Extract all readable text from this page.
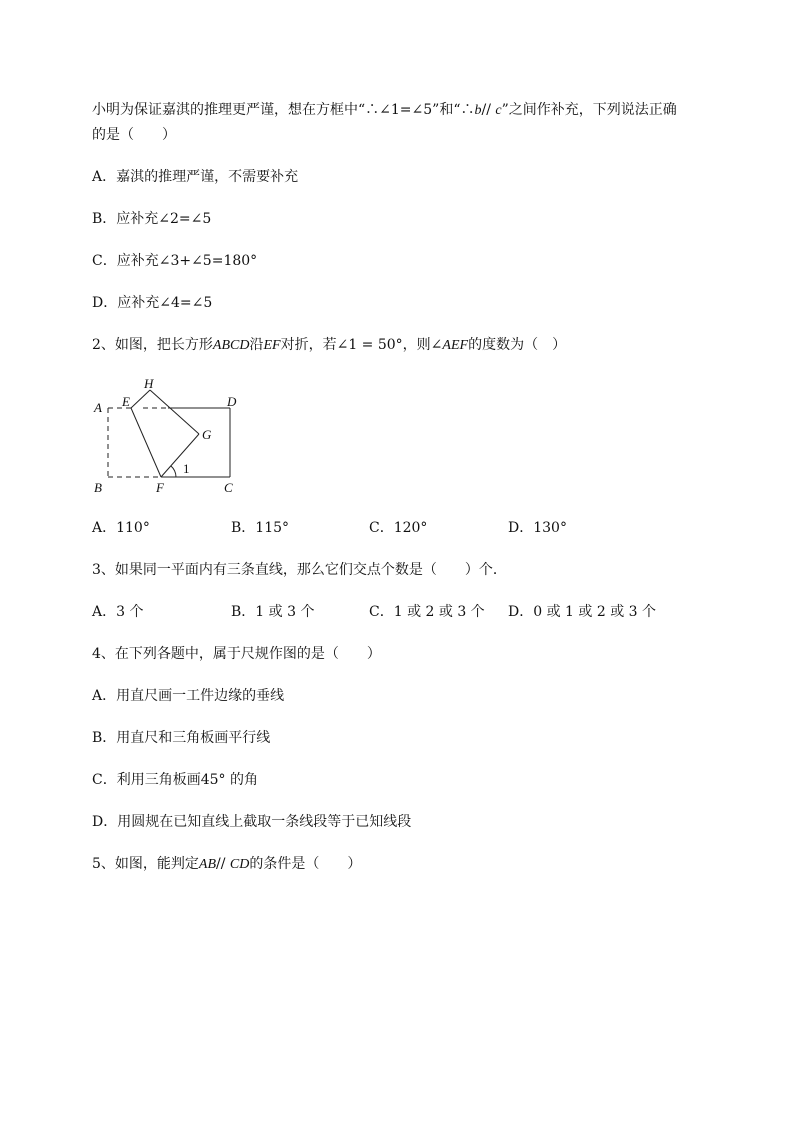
小明为保证嘉淇的推理更严谨，想在方框中“∴∠1=∠5”和“∴b// c”之间作补充，下列说法正确
的是（　　）
A．嘉淇的推理严谨，不需要补充
B．应补充∠2=∠5
C．应补充∠3+∠5=180°
D．应补充∠4=∠5
2、如图，把长方形ABCD沿EF对折，若∠1 = 50°，则∠AEF的度数为（　）
A
B	C
D
E
F
G
H
1
A．110°	B．115°	C．120°	D．130°
3、如果同一平面内有三条直线，那么它们交点个数是（　　）个．
A．3 个	B．1 或 3 个	C．1 或 2 或 3 个 D．0 或 1 或 2 或 3 个
4、在下列各题中，属于尺规作图的是（　　）
A．用直尺画一工件边缘的垂线
B．用直尺和三角板画平行线
C．利用三角板画45° 的角
D．用圆规在已知直线上截取一条线段等于已知线段
5、如图，能判定AB// CD的条件是（　　）
